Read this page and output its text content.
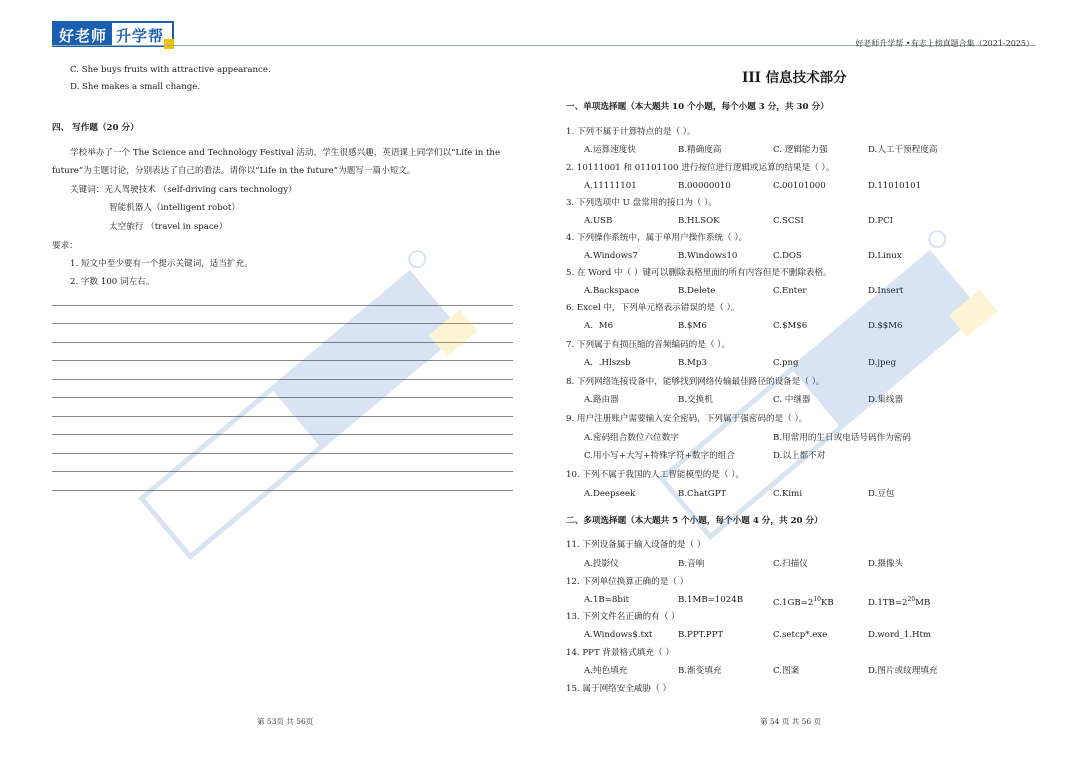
好老师 升学帮	好老师升学帮 •有志上榜真题合集（2021-2025）
C. She buys fruits with attractive appearance.
D. She makes a small change.
四、 写作题（20 分）
学校举办了一个 The Science and Technology Festival 活动，学生很感兴趣，英语课上同学们以“Life in the
future”为主题讨论，分别表达了自己的看法。请你以“Life in the future”为题写一篇小短文。
关键词：无人驾驶技术 （self-driving cars technology）
智能机器人（intelligent robot）
太空旅行 （travel in space）
要求：
1. 短文中至少要有一个提示关键词，适当扩充。
2. 字数 100 词左右。
第 53页 共 56页
III 信息技术部分
一、单项选择题（本大题共 10 个小题，每个小题 3 分，共 30 分）
1. 下列不属于计算特点的是（ ）。
A.运算速度快	B.精确度高	C. 逻辑能力强	D.人工干预程度高
2. 10111001 和 01101100 进行按位进行逻辑或运算的结果是（ ）。
A.11111101	B.00000010	C.00101000	D.11010101
3. 下列选项中 U 盘常用的接口为（ ）。
A.USB	B.HLSOK	C.SCSI	D.PCI
4. 下列操作系统中，属于单用户操作系统（ ）。
A.Windows7	B.Windows10	C.DOS	D.Linux
5. 在 Word 中（ ）键可以删除表格里面的所有内容但是不删除表格。
A.Backspace	B.Delete	C.Enter	D.Insert
6. Excel 中，下列单元格表示错误的是（ ）。
A．M6	B.$M6	C.$M$6	D.$$M6
7. 下列属于有损压缩的音频编码的是（ ）。
A．.Hlszsb	B.Mp3	C.png	D.jpeg
8. 下列网络连接设备中，能够找到网络传输最佳路径的设备是（ ）。
A.路由器	B.交换机	C. 中继器	D.集线器
9. 用户注册账户需要输入安全密码，下列属于强密码的是（ ）。
A.密码组合数位六位数字	B.用常用的生日或电话号码作为密码
C.用小写+大写+特殊字符+数字的组合	D.以上都不对
10. 下列不属于我国的人工智能模型的是（ ）。
A.Deepseek	B.ChatGPT	C.Kimi	D.豆包
二、多项选择题（本大题共 5 个小题，每个小题 4 分，共 20 分）
11. 下列设备属于输入设备的是（ ）
A.投影仪	B.音响	C.扫描仪	D.摄像头
12. 下列单位换算正确的是（ ）
A.1B=8bit	B.1MB=1024B	$C.1GB=2^{10}KB$	$D.1TB=2^{20}MB$
13. 下列文件名正确的有（ ）
A.Windows$.txt	B.PPT.PPT	C.setcp*.exe	D.word_1.Htm
14. PPT 背景格式填充（ ）
A.纯色填充	B.渐变填充	C.图案	D.图片或纹理填充
15. 属于网络安全威胁（ ）
第 54 页 共 56 页
